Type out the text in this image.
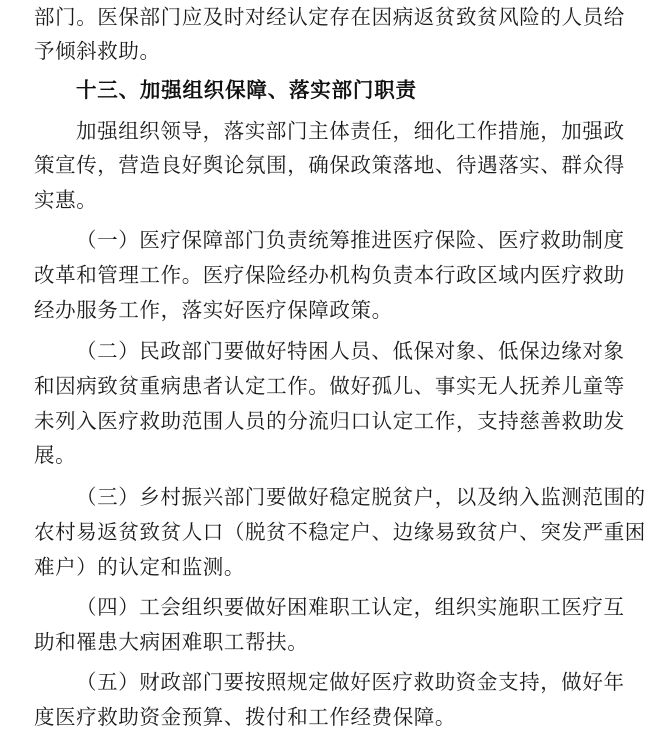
部门。医保部门应及时对经认定存在因病返贫致贫风险的人员给
予倾斜救助。
十三、加强组织保障、落实部门职责
加强组织领导，落实部门主体责任，细化工作措施，加强政
策宣传，营造良好舆论氛围，确保政策落地、待遇落实、群众得
实惠。
（一）医疗保障部门负责统筹推进医疗保险、医疗救助制度
改革和管理工作。医疗保险经办机构负责本行政区域内医疗救助
经办服务工作，落实好医疗保障政策。
（二）民政部门要做好特困人员、低保对象、低保边缘对象
和因病致贫重病患者认定工作。做好孤儿、事实无人抚养儿童等
未列入医疗救助范围人员的分流归口认定工作，支持慈善救助发
展。
（三）乡村振兴部门要做好稳定脱贫户，以及纳入监测范围的
农村易返贫致贫人口（脱贫不稳定户、边缘易致贫户、突发严重困
难户）的认定和监测。
（四）工会组织要做好困难职工认定，组织实施职工医疗互
助和罹患大病困难职工帮扶。
（五）财政部门要按照规定做好医疗救助资金支持，做好年
度医疗救助资金预算、拨付和工作经费保障。
